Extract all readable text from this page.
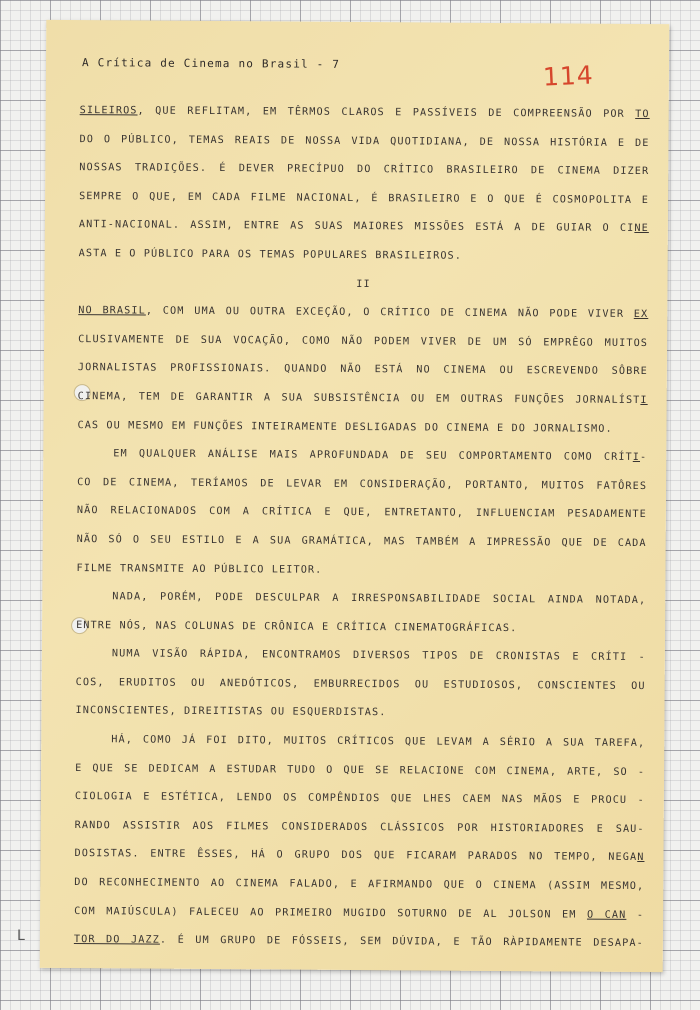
A Crítica de Cinema no Brasil - 7	114
SILEIROS, QUE REFLITAM, EM TÊRMOS CLAROS E PASSÍVEIS DE COMPREENSÃO POR TO
DO O PÚBLICO, TEMAS REAIS DE NOSSA VIDA QUOTIDIANA, DE NOSSA HISTÓRIA E DE
NOSSAS TRADIÇÕES. É DEVER PRECÍPUO DO CRÍTICO BRASILEIRO DE CINEMA DIZER
SEMPRE O QUE, EM CADA FILME NACIONAL, É BRASILEIRO E O QUE É COSMOPOLITA E
ANTI-NACIONAL. ASSIM, ENTRE AS SUAS MAIORES MISSÕES ESTÁ A DE GUIAR O CINE
ASTA E O PÚBLICO PARA OS TEMAS POPULARES BRASILEIROS.
II
NO BRASIL, COM UMA OU OUTRA EXCEÇÃO, O CRÍTICO DE CINEMA NÃO PODE VIVER EX
CLUSIVAMENTE DE SUA VOCAÇÃO, COMO NÃO PODEM VIVER DE UM SÓ EMPRÊGO MUITOS
JORNALISTAS PROFISSIONAIS. QUANDO NÃO ESTÁ NO CINEMA OU ESCREVENDO SÔBRE
CINEMA, TEM DE GARANTIR A SUA SUBSISTÊNCIA OU EM OUTRAS FUNÇÕES JORNALÍSTI
CAS OU MESMO EM FUNÇÕES INTEIRAMENTE DESLIGADAS DO CINEMA E DO JORNALISMO.
EM QUALQUER ANÁLISE MAIS APROFUNDADA DE SEU COMPORTAMENTO COMO CRÍTI-
CO DE CINEMA, TERÍAMOS DE LEVAR EM CONSIDERAÇÃO, PORTANTO, MUITOS FATÔRES
NÃO RELACIONADOS COM A CRÍTICA E QUE, ENTRETANTO, INFLUENCIAM PESADAMENTE
NÃO SÓ O SEU ESTILO E A SUA GRAMÁTICA, MAS TAMBÉM A IMPRESSÃO QUE DE CADA
FILME TRANSMITE AO PÚBLICO LEITOR.
NADA, PORÉM, PODE DESCULPAR A IRRESPONSABILIDADE SOCIAL AINDA NOTADA,
ENTRE NÓS, NAS COLUNAS DE CRÔNICA E CRÍTICA CINEMATOGRÁFICAS.
NUMA VISÃO RÁPIDA, ENCONTRAMOS DIVERSOS TIPOS DE CRONISTAS E CRÍTI -
COS, ERUDITOS OU ANEDÓTICOS, EMBURRECIDOS OU ESTUDIOSOS, CONSCIENTES OU
INCONSCIENTES, DIREITISTAS OU ESQUERDISTAS.
HÁ, COMO JÁ FOI DITO, MUITOS CRÍTICOS QUE LEVAM A SÉRIO A SUA TAREFA,
E QUE SE DEDICAM A ESTUDAR TUDO O QUE SE RELACIONE COM CINEMA, ARTE, SO -
CIOLOGIA E ESTÉTICA, LENDO OS COMPÊNDIOS QUE LHES CAEM NAS MÃOS E PROCU -
RANDO ASSISTIR AOS FILMES CONSIDERADOS CLÁSSICOS POR HISTORIADORES E SAU-
DOSISTAS. ENTRE ÊSSES, HÁ O GRUPO DOS QUE FICARAM PARADOS NO TEMPO, NEGAN
DO RECONHECIMENTO AO CINEMA FALADO, E AFIRMANDO QUE O CINEMA (ASSIM MESMO,
COM MAIÚSCULA) FALECEU AO PRIMEIRO MUGIDO SOTURNO DE AL JOLSON EM O CAN -
TOR DO JAZZ. É UM GRUPO DE FÓSSEIS, SEM DÚVIDA, E TÃO RÀPIDAMENTE DESAPA-
L
